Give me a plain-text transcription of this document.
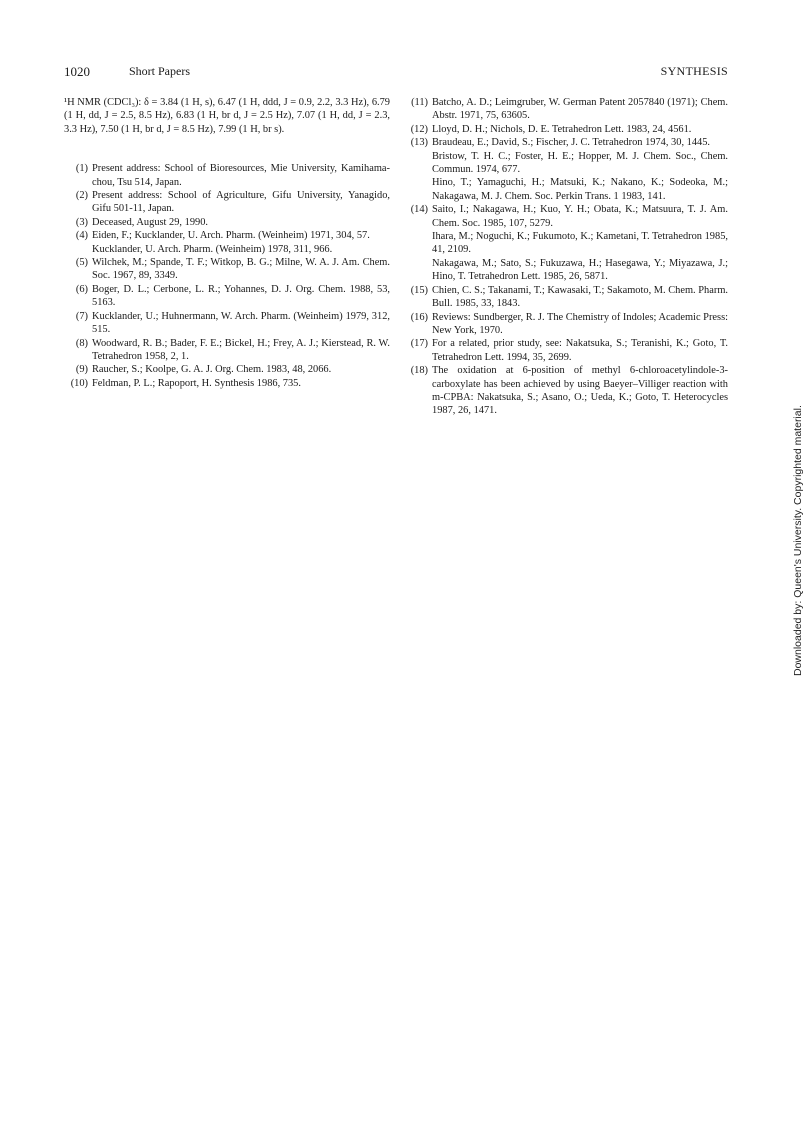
1020	Short Papers	SYNTHESIS

¹H NMR (CDCl₃): δ = 3.84 (1 H, s), 6.47 (1 H, ddd, J = 0.9, 2.2, 3.3 Hz), 6.79 (1 H, dd, J = 2.5, 8.5 Hz), 6.83 (1 H, br d, J = 2.5 Hz), 7.07 (1 H, dd, J = 2.3, 3.3 Hz), 7.50 (1 H, br d, J = 8.5 Hz), 7.99 (1 H, br s).

(1) Present address: School of Bioresources, Mie University, Kamihama-chou, Tsu 514, Japan.
(2) Present address: School of Agriculture, Gifu University, Yanagido, Gifu 501-11, Japan.
(3) Deceased, August 29, 1990.
(4) Eiden, F.; Kucklander, U. Arch. Pharm. (Weinheim) 1971, 304, 57.
Kucklander, U. Arch. Pharm. (Weinheim) 1978, 311, 966.
(5) Wilchek, M.; Spande, T. F.; Witkop, B. G.; Milne, W. A. J. Am. Chem. Soc. 1967, 89, 3349.
(6) Boger, D. L.; Cerbone, L. R.; Yohannes, D. J. Org. Chem. 1988, 53, 5163.
(7) Kucklander, U.; Huhnermann, W. Arch. Pharm. (Weinheim) 1979, 312, 515.
(8) Woodward, R. B.; Bader, F. E.; Bickel, H.; Frey, A. J.; Kierstead, R. W. Tetrahedron 1958, 2, 1.
(9) Raucher, S.; Koolpe, G. A. J. Org. Chem. 1983, 48, 2066.
(10) Feldman, P. L.; Rapoport, H. Synthesis 1986, 735.
(11) Batcho, A. D.; Leimgruber, W. German Patent 2057840 (1971); Chem. Abstr. 1971, 75, 63605.
(12) Lloyd, D. H.; Nichols, D. E. Tetrahedron Lett. 1983, 24, 4561.
(13) Braudeau, E.; David, S.; Fischer, J. C. Tetrahedron 1974, 30, 1445.
Bristow, T. H. C.; Foster, H. E.; Hopper, M. J. Chem. Soc., Chem. Commun. 1974, 677.
Hino, T.; Yamaguchi, H.; Matsuki, K.; Nakano, K.; Sodeoka, M.; Nakagawa, M. J. Chem. Soc. Perkin Trans. 1 1983, 141.
(14) Saito, I.; Nakagawa, H.; Kuo, Y. H.; Obata, K.; Matsuura, T. J. Am. Chem. Soc. 1985, 107, 5279.
Ihara, M.; Noguchi, K.; Fukumoto, K.; Kametani, T. Tetrahedron 1985, 41, 2109.
Nakagawa, M.; Sato, S.; Fukuzawa, H.; Hasegawa, Y.; Miyazawa, J.; Hino, T. Tetrahedron Lett. 1985, 26, 5871.
(15) Chien, C. S.; Takanami, T.; Kawasaki, T.; Sakamoto, M. Chem. Pharm. Bull. 1985, 33, 1843.
(16) Reviews: Sundberger, R. J. The Chemistry of Indoles; Academic Press: New York, 1970.
(17) For a related, prior study, see: Nakatsuka, S.; Teranishi, K.; Goto, T. Tetrahedron Lett. 1994, 35, 2699.
(18) The oxidation at 6-position of methyl 6-chloroacetylindole-3-carboxylate has been achieved by using Baeyer–Villiger reaction with m-CPBA: Nakatsuka, S.; Asano, O.; Ueda, K.; Goto, T. Heterocycles 1987, 26, 1471.	Downloaded by: Queen's University. Copyrighted material.
